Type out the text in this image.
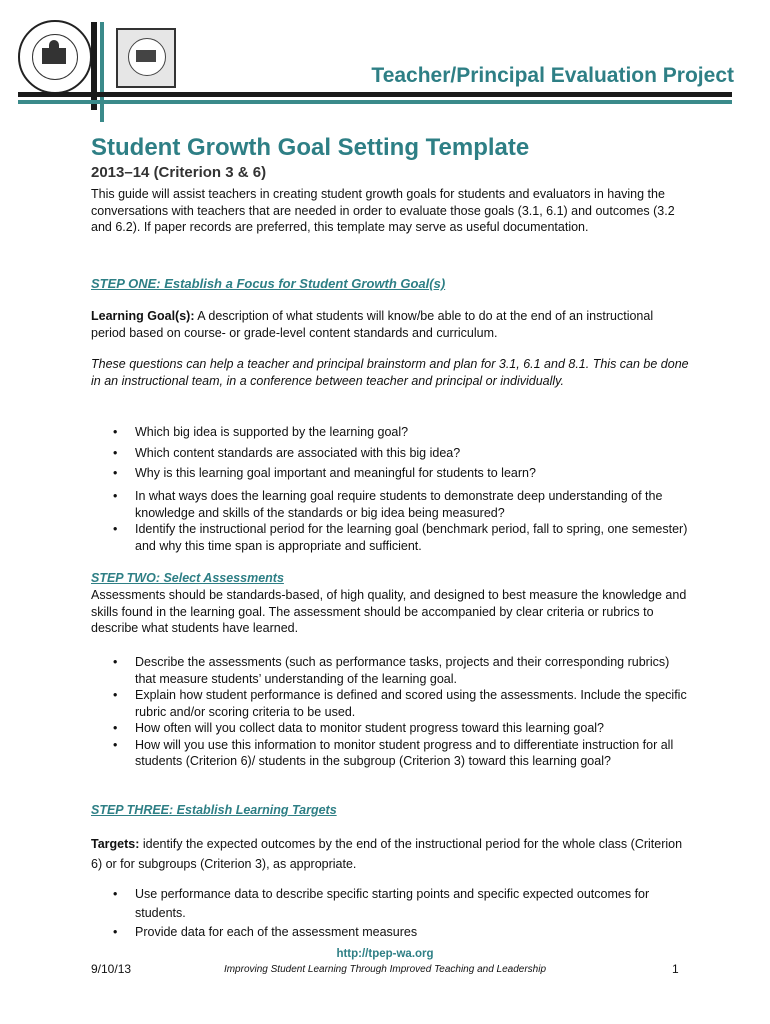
Teacher/Principal Evaluation Project
Student Growth Goal Setting Template
2013–14 (Criterion 3 & 6)
This guide will assist teachers in creating student growth goals for students and evaluators in having the conversations with teachers that are needed in order to evaluate those goals (3.1, 6.1) and outcomes (3.2 and 6.2). If paper records are preferred, this template may serve as useful documentation.
STEP ONE: Establish a Focus for Student Growth Goal(s)
Learning Goal(s): A description of what students will know/be able to do at the end of an instructional period based on course- or grade-level content standards and curriculum.
These questions can help a teacher and principal brainstorm and plan for 3.1, 6.1 and 8.1. This can be done in an instructional team, in a conference between teacher and principal or individually.
• Which big idea is supported by the learning goal?
• Which content standards are associated with this big idea?
• Why is this learning goal important and meaningful for students to learn?
• In what ways does the learning goal require students to demonstrate deep understanding of the knowledge and skills of the standards or big idea being measured?
• Identify the instructional period for the learning goal (benchmark period, fall to spring, one semester) and why this time span is appropriate and sufficient.
STEP TWO: Select Assessments
Assessments should be standards-based, of high quality, and designed to best measure the knowledge and skills found in the learning goal. The assessment should be accompanied by clear criteria or rubrics to describe what students have learned.
• Describe the assessments (such as performance tasks, projects and their corresponding rubrics) that measure students’ understanding of the learning goal.
• Explain how student performance is defined and scored using the assessments. Include the specific rubric and/or scoring criteria to be used.
• How often will you collect data to monitor student progress toward this learning goal?
• How will you use this information to monitor student progress and to differentiate instruction for all students (Criterion 6)/ students in the subgroup (Criterion 3) toward this learning goal?
STEP THREE: Establish Learning Targets
Targets: identify the expected outcomes by the end of the instructional period for the whole class (Criterion 6) or for subgroups (Criterion 3), as appropriate.
• Use performance data to describe specific starting points and specific expected outcomes for students.
• Provide data for each of the assessment measures
http://tpep-wa.org
9/10/13	Improving Student Learning Through Improved Teaching and Leadership	1
